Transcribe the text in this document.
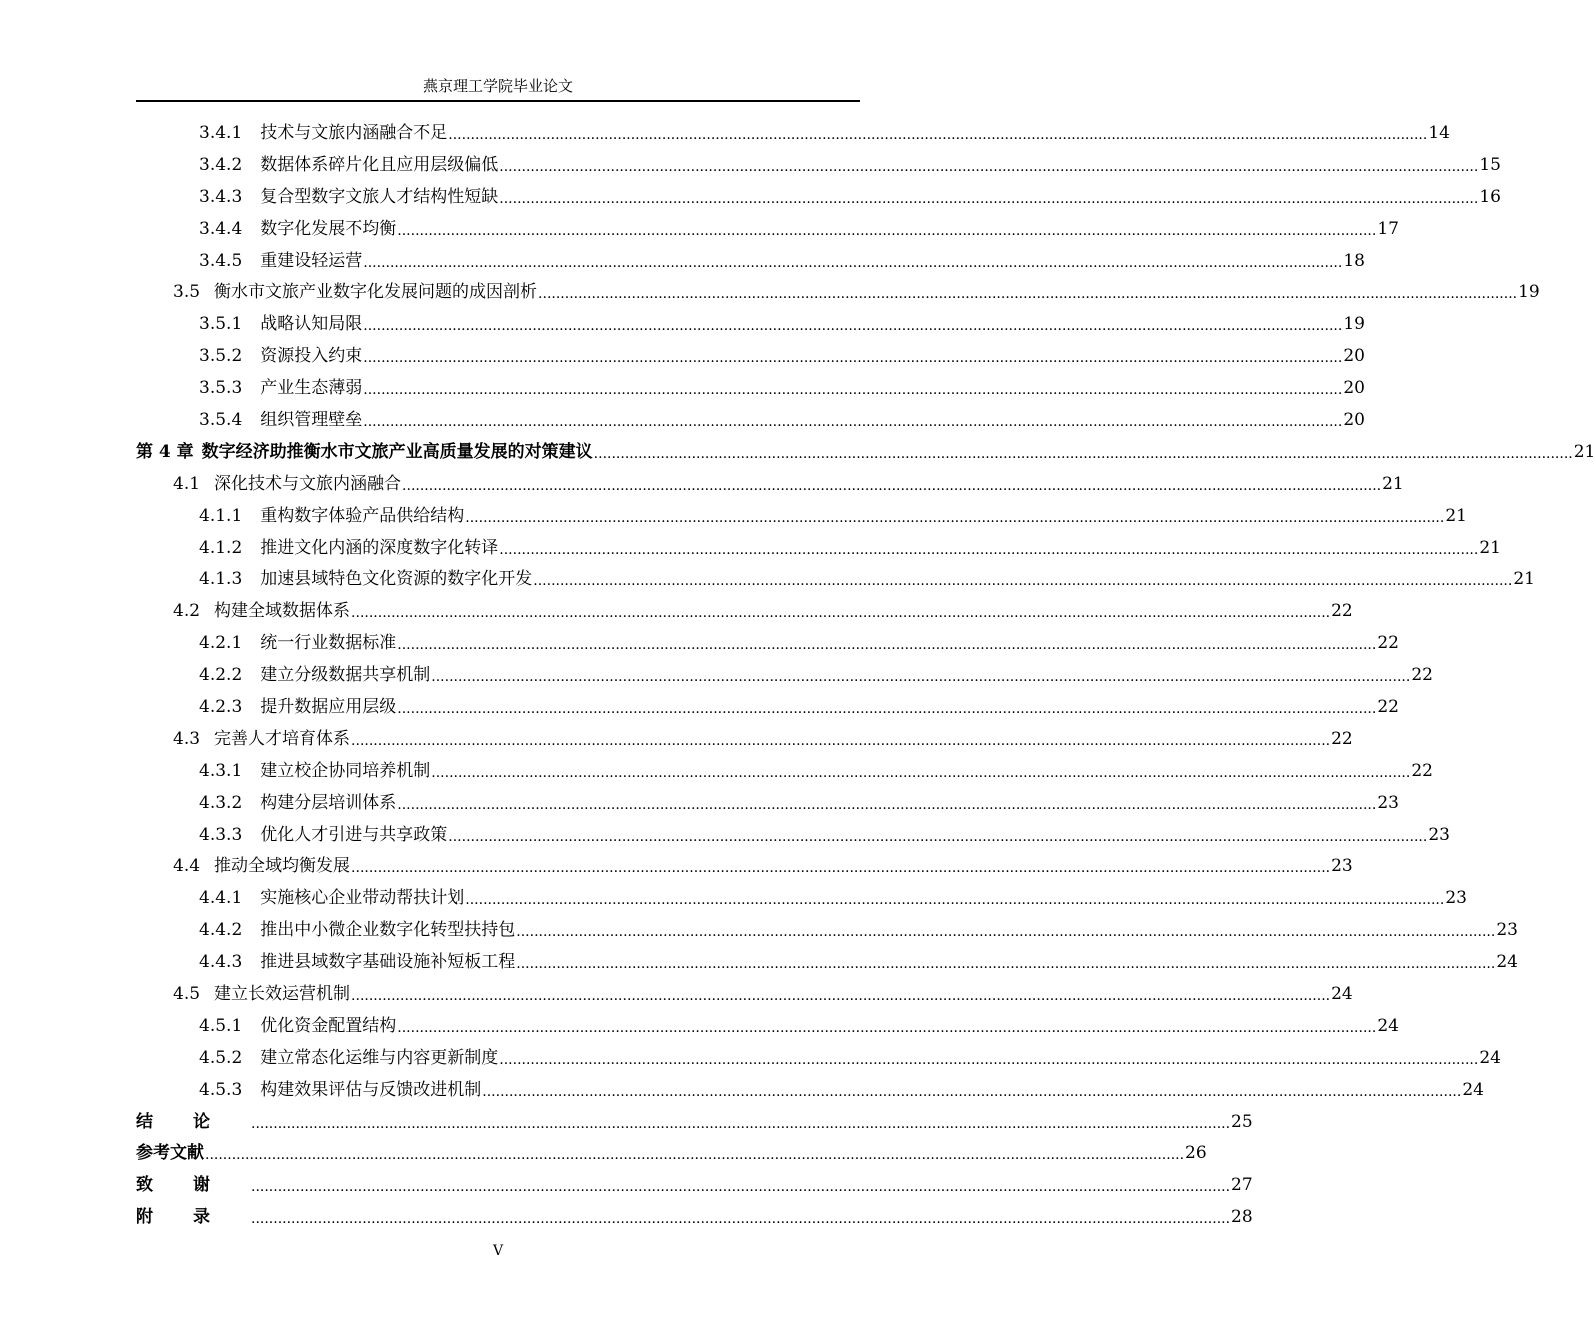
燕京理工学院毕业论文
3.4.1 技术与文旅内涵融合不足 ............................................................................................................................................................................................................................ 14
3.4.2 数据体系碎片化且应用层级偏低 ............................................................................................................................................................................................................................ 15
3.4.3 复合型数字文旅人才结构性短缺 ............................................................................................................................................................................................................................ 16
3.4.4 数字化发展不均衡 ............................................................................................................................................................................................................................ 17
3.4.5 重建设轻运营 ............................................................................................................................................................................................................................ 18
3.5 衡水市文旅产业数字化发展问题的成因剖析 ............................................................................................................................................................................................................................ 19
3.5.1 战略认知局限 ............................................................................................................................................................................................................................ 19
3.5.2 资源投入约束 ............................................................................................................................................................................................................................ 20
3.5.3 产业生态薄弱 ............................................................................................................................................................................................................................ 20
3.5.4 组织管理壁垒 ............................................................................................................................................................................................................................ 20
第 4 章 数字经济助推衡水市文旅产业高质量发展的对策建议 ............................................................................................................................................................................................................................ 21
4.1 深化技术与文旅内涵融合 ............................................................................................................................................................................................................................ 21
4.1.1 重构数字体验产品供给结构 ............................................................................................................................................................................................................................ 21
4.1.2 推进文化内涵的深度数字化转译 ............................................................................................................................................................................................................................ 21
4.1.3 加速县域特色文化资源的数字化开发 ............................................................................................................................................................................................................................ 21
4.2 构建全域数据体系 ............................................................................................................................................................................................................................ 22
4.2.1 统一行业数据标准 ............................................................................................................................................................................................................................ 22
4.2.2 建立分级数据共享机制 ............................................................................................................................................................................................................................ 22
4.2.3 提升数据应用层级 ............................................................................................................................................................................................................................ 22
4.3 完善人才培育体系 ............................................................................................................................................................................................................................ 22
4.3.1 建立校企协同培养机制 ............................................................................................................................................................................................................................ 22
4.3.2 构建分层培训体系 ............................................................................................................................................................................................................................ 23
4.3.3 优化人才引进与共享政策 ............................................................................................................................................................................................................................ 23
4.4 推动全域均衡发展 ............................................................................................................................................................................................................................ 23
4.4.1 实施核心企业带动帮扶计划 ............................................................................................................................................................................................................................ 23
4.4.2 推出中小微企业数字化转型扶持包 ............................................................................................................................................................................................................................ 23
4.4.3 推进县域数字基础设施补短板工程 ............................................................................................................................................................................................................................ 24
4.5 建立长效运营机制 ............................................................................................................................................................................................................................ 24
4.5.1 优化资金配置结构 ............................................................................................................................................................................................................................ 24
4.5.2 建立常态化运维与内容更新制度 ............................................................................................................................................................................................................................ 24
4.5.3 构建效果评估与反馈改进机制 ............................................................................................................................................................................................................................ 24
结论 ............................................................................................................................................................................................................................ 25
参考文献 ............................................................................................................................................................................................................................ 26
致谢 ............................................................................................................................................................................................................................ 27
附录 ............................................................................................................................................................................................................................ 28
V
